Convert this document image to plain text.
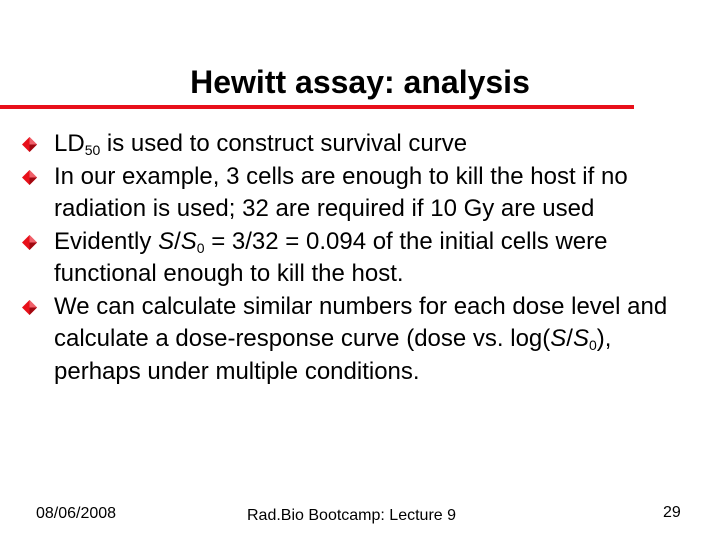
Hewitt assay: analysis
$LD_{50}$ is used to construct survival curve
In our example, 3 cells are enough to kill the host if no radiation is used; 32 are required if 10 Gy are used
Evidently $S/S_0 = 3/32 = 0.094$ of the initial cells were functional enough to kill the host.
We can calculate similar numbers for each dose level and calculate a dose-response curve (dose vs. $\log(S/S_0)$, perhaps under multiple conditions.
08/06/2008	Rad.Bio Bootcamp: Lecture 9	29
